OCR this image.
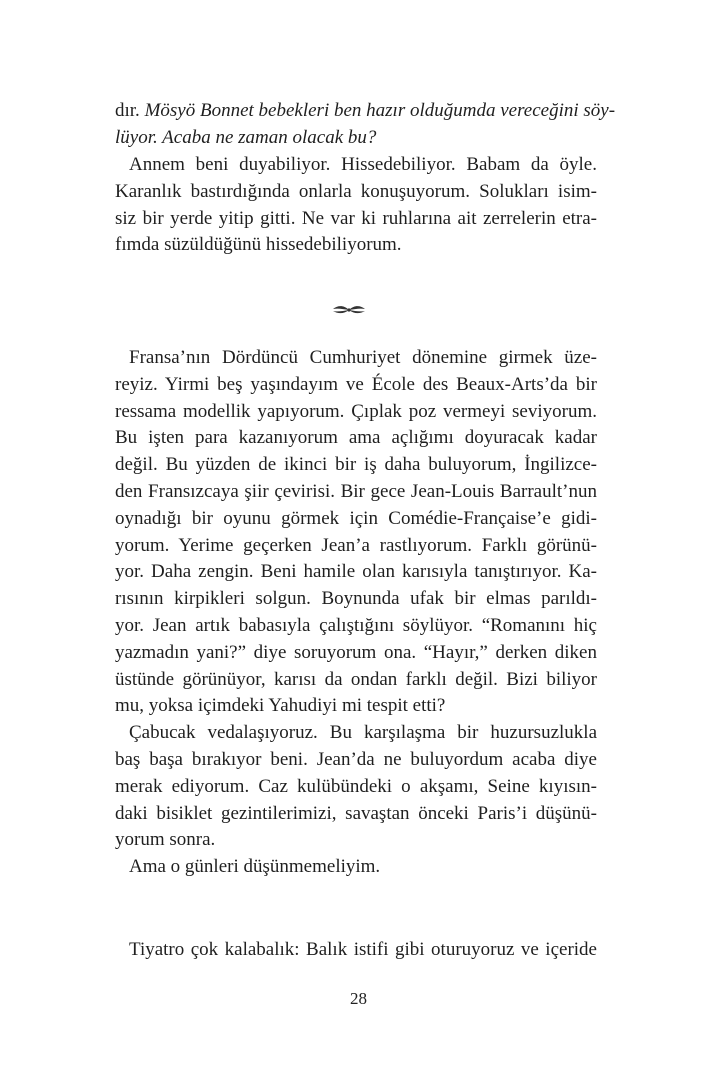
dır. Mösyö Bonnet bebekleri ben hazır olduğumda vereceğini söy-
lüyor. Acaba ne zaman olacak bu?
Annem beni duyabiliyor. Hissedebiliyor. Babam da öyle.
Karanlık bastırdığında onlarla konuşuyorum. Solukları isim-
siz bir yerde yitip gitti. Ne var ki ruhlarına ait zerrelerin etra-
fımda süzüldüğünü hissedebiliyorum.
Fransa’nın Dördüncü Cumhuriyet dönemine girmek üze-
reyiz. Yirmi beş yaşındayım ve École des Beaux-Arts’da bir
ressama modellik yapıyorum. Çıplak poz vermeyi seviyorum.
Bu işten para kazanıyorum ama açlığımı doyuracak kadar
değil. Bu yüzden de ikinci bir iş daha buluyorum, İngilizce-
den Fransızcaya şiir çevirisi. Bir gece Jean-Louis Barrault’nun
oynadığı bir oyunu görmek için Comédie-Française’e gidi-
yorum. Yerime geçerken Jean’a rastlıyorum. Farklı görünü-
yor. Daha zengin. Beni hamile olan karısıyla tanıştırıyor. Ka-
rısının kirpikleri solgun. Boynunda ufak bir elmas parıldı-
yor. Jean artık babasıyla çalıştığını söylüyor. “Romanını hiç
yazmadın yani?” diye soruyorum ona. “Hayır,” derken diken
üstünde görünüyor, karısı da ondan farklı değil. Bizi biliyor
mu, yoksa içimdeki Yahudiyi mi tespit etti?
Çabucak vedalaşıyoruz. Bu karşılaşma bir huzursuzlukla
baş başa bırakıyor beni. Jean’da ne buluyordum acaba diye
merak ediyorum. Caz kulübündeki o akşamı, Seine kıyısın-
daki bisiklet gezintilerimizi, savaştan önceki Paris’i düşünü-
yorum sonra.
Ama o günleri düşünmemeliyim.
Tiyatro çok kalabalık: Balık istifi gibi oturuyoruz ve içeride
28
